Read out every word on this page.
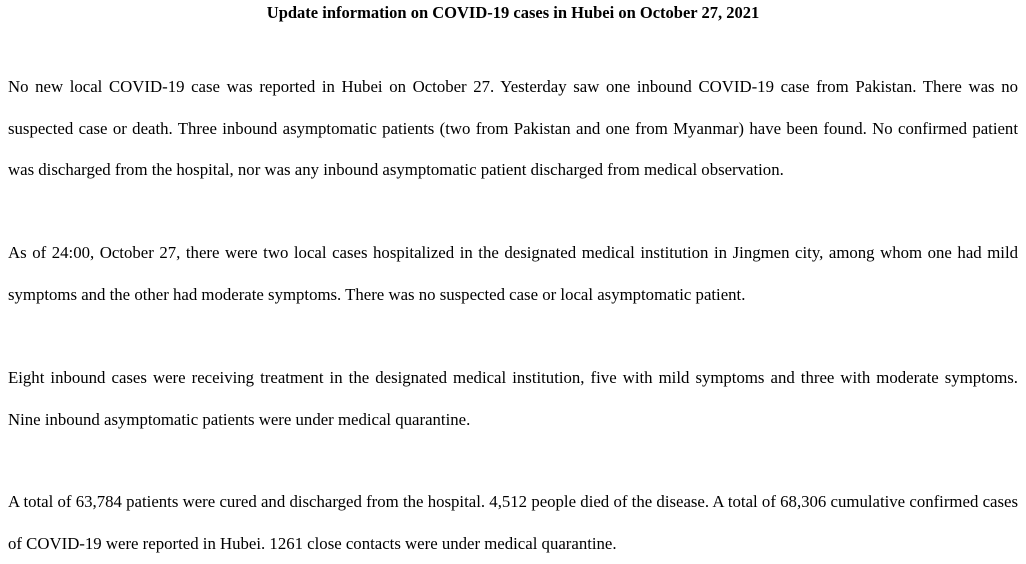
Update information on COVID-19 cases in Hubei on October 27, 2021

No new local COVID-19 case was reported in Hubei on October 27. Yesterday saw one inbound COVID-19 case from Pakistan. There was no suspected case or death. Three inbound asymptomatic patients (two from Pakistan and one from Myanmar) have been found. No confirmed patient was discharged from the hospital, nor was any inbound asymptomatic patient discharged from medical observation.

As of 24:00, October 27, there were two local cases hospitalized in the designated medical institution in Jingmen city, among whom one had mild symptoms and the other had moderate symptoms. There was no suspected case or local asymptomatic patient.

Eight inbound cases were receiving treatment in the designated medical institution, five with mild symptoms and three with moderate symptoms. Nine inbound asymptomatic patients were under medical quarantine.

A total of 63,784 patients were cured and discharged from the hospital. 4,512 people died of the disease. A total of 68,306 cumulative confirmed cases of COVID-19 were reported in Hubei. 1261 close contacts were under medical quarantine.
